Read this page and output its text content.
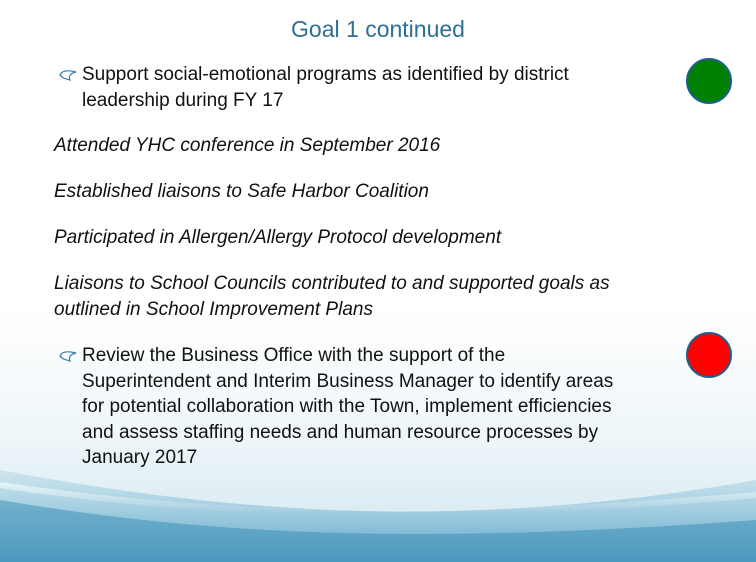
Goal 1 continued
Support social-emotional programs as identified by district leadership during FY 17
Attended YHC conference in September 2016
Established liaisons to Safe Harbor Coalition
Participated in Allergen/Allergy Protocol development
Liaisons to School Councils contributed to and supported goals as outlined in School Improvement Plans
Review the Business Office with the support of the Superintendent and Interim Business Manager to identify areas for potential collaboration with the Town, implement efficiencies and assess staffing needs and human resource processes by January 2017
